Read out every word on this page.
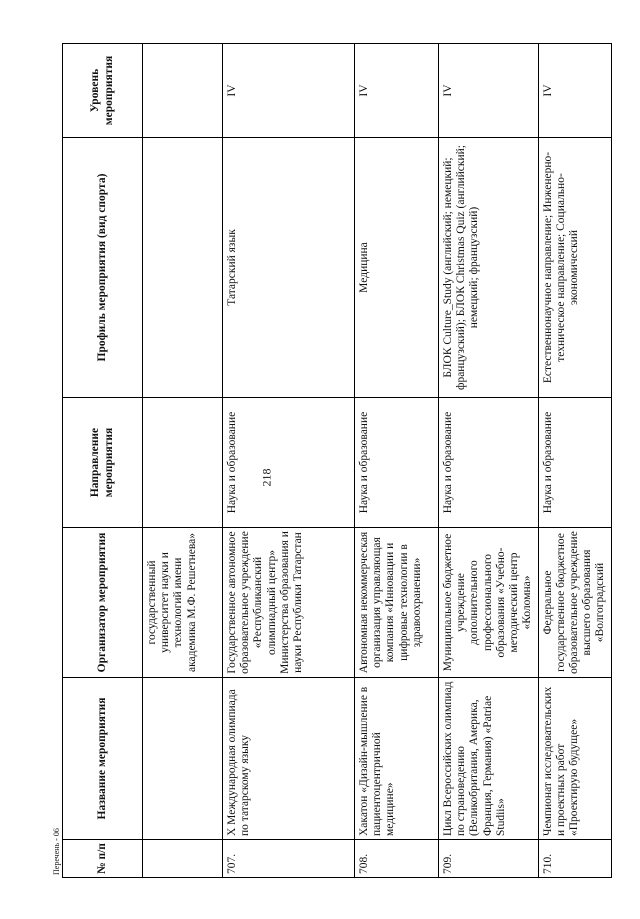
218
Перечень - 06	№ п/п	Название мероприятия	Организатор мероприятия	Направление мероприятия	Профиль мероприятия (вид спорта)	Уровень мероприятия
		государственный университет науки и технологий имени академика М.Ф. Решетнева»			
707.	X Международная олимпиада по татарскому языку	Государственное автономное образовательное учреждение «Республиканский олимпиадный центр» Министерства образования и науки Республики Татарстан	Наука и образование	Татарский язык	IV
708.	Хакатон «Дизайн-мышление в пациентоцентричной медицине»	Автономная некоммерческая организация управляющая компания «Инновации и цифровые технологии в здравоохранении»	Наука и образование	Медицина	IV
709.	Цикл Всероссийских олимпиад по страноведению (Великобритания, Америка, Франция, Германия) «Patriae Studiis»	Муниципальное бюджетное учреждение дополнительного профессионального образования «Учебно-методический центр «Коломна»	Наука и образование	БЛОК Culture_Study (английский; немецкий; французский); БЛОК Christmas Quiz (английский; немецкий; французский)	IV
710.	Чемпионат исследовательских и проектных работ «Проектирую будущее»	Федеральное государственное бюджетное образовательное учреждение высшего образования «Волгоградский	Наука и образование	Естественнонаучное направление; Инженерно-техническое направление; Социально-экономический	IV
